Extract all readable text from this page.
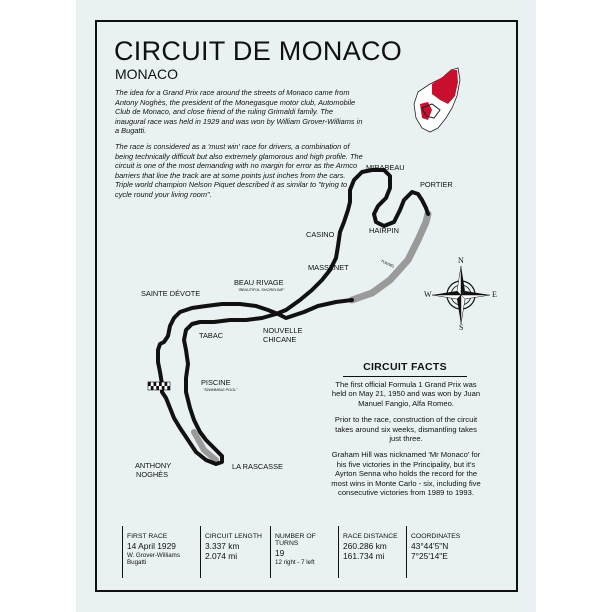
CIRCUIT DE MONACO
MONACO

The idea for a Grand Prix race around the streets of Monaco came from Antony Noghès, the president of the Monegasque motor club, Automobile Club de Monaco, and close friend of the ruling Grimaldi family. The inaugural race was held in 1929 and was won by William Grover-Williams in a Bugatti.

The race is considered as a 'must win' race for drivers, a combination of being technically difficult but also extremely glamorous and high profile. The circuit is one of the most demanding with no margin for error as the Armco barriers that line the track are at some points just inches from the cars. Triple world champion Nelson Piquet described it as similar to "trying to cycle round your living room".

N
S
E
W
MIRABEAU
PORTIER
HAIRPIN
CASINO
MASSENET
BEAU RIVAGE
"BEAUTIFUL SHORELINE"
SAINTE DÉVOTE
TABAC
NOUVELLE
CHICANE
PISCINE
"SWIMMING POOL"
ANTHONY
NOGHÈS
LA RASCASSE
TUNNEL
CIRCUIT FACTS

The first official Formula 1 Grand Prix was held on May 21, 1950 and was won by Juan Manuel Fangio, Alfa Romeo.

Prior to the race, construction of the circuit takes around six weeks, dismantling takes just three.

Graham Hill was nicknamed 'Mr Monaco' for his five victories in the Principality, but it's Ayrton Senna who holds the record for the most wins in Monte Carlo - six, including five consecutive victories from 1989 to 1993.

FIRST RACE
14 April 1929
W. Grover-Williams
Bugatti
CIRCUIT LENGTH
3.337 km
2.074 mi
NUMBER OF TURNS
19
12 right - 7 left
RACE DISTANCE
260.286 km
161.734 mi
COORDINATES
43°44'5"N
7°25'14"E
